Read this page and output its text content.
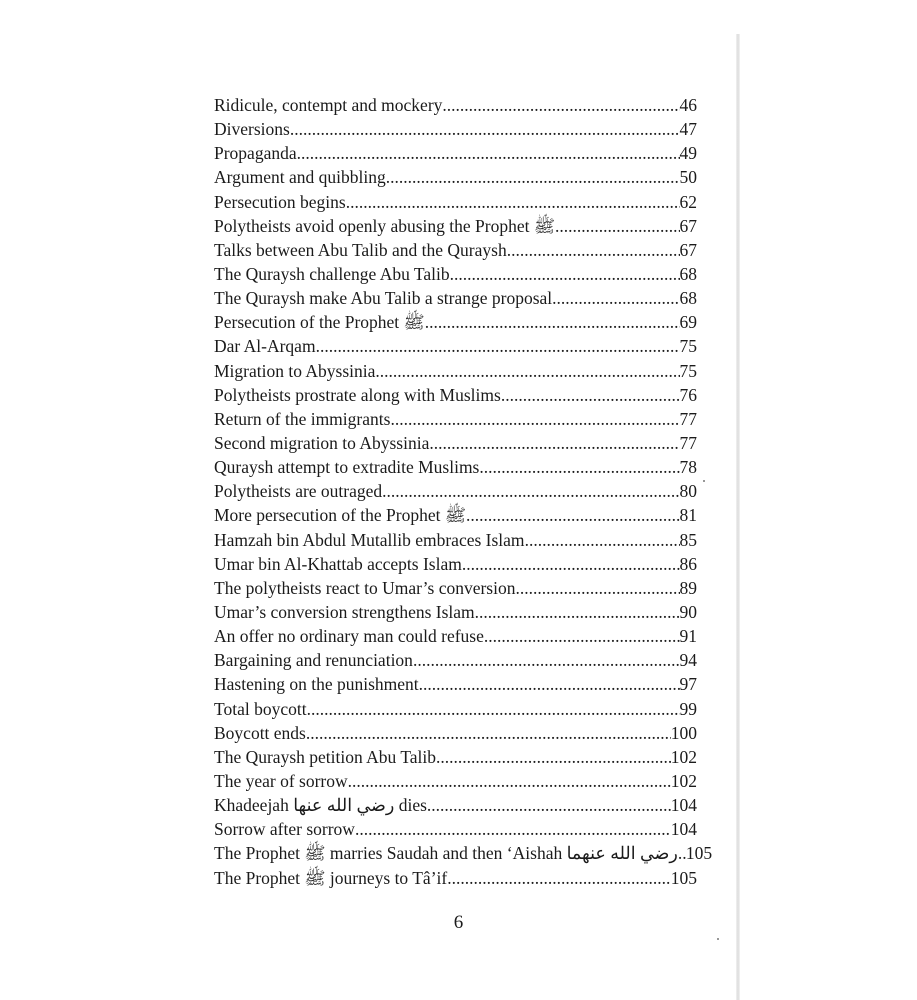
Ridicule, contempt and mockery .....	46
Diversions .....	47
Propaganda .....	49
Argument and quibbling .....	50
Persecution begins .....	62
Polytheists avoid openly abusing the Prophet ﷺ .....	67
Talks between Abu Talib and the Quraysh .....	67
The Quraysh challenge Abu Talib .....	68
The Quraysh make Abu Talib a strange proposal .....	68
Persecution of the Prophet ﷺ .....	69
Dar Al-Arqam .....	75
Migration to Abyssinia .....	75
Polytheists prostrate along with Muslims .....	76
Return of the immigrants .....	77
Second migration to Abyssinia .....	77
Quraysh attempt to extradite Muslims .....	78
Polytheists are outraged .....	80
More persecution of the Prophet ﷺ .....	81
Hamzah bin Abdul Mutallib embraces Islam .....	85
Umar bin Al-Khattab accepts Islam .....	86
The polytheists react to Umar’s conversion .....	89
Umar’s conversion strengthens Islam .....	90
An offer no ordinary man could refuse .....	91
Bargaining and renunciation .....	94
Hastening on the punishment .....	97
Total boycott .....	99
Boycott ends .....	100
The Quraysh petition Abu Talib .....	102
The year of sorrow .....	102
Khadeejah رضي الله عنها dies .....	104
Sorrow after sorrow .....	104
The Prophet ﷺ marries Saudah and then ‘Aishah رضي الله عنهما ..... 105
The Prophet ﷺ journeys to Tâ’if .....	105
6
